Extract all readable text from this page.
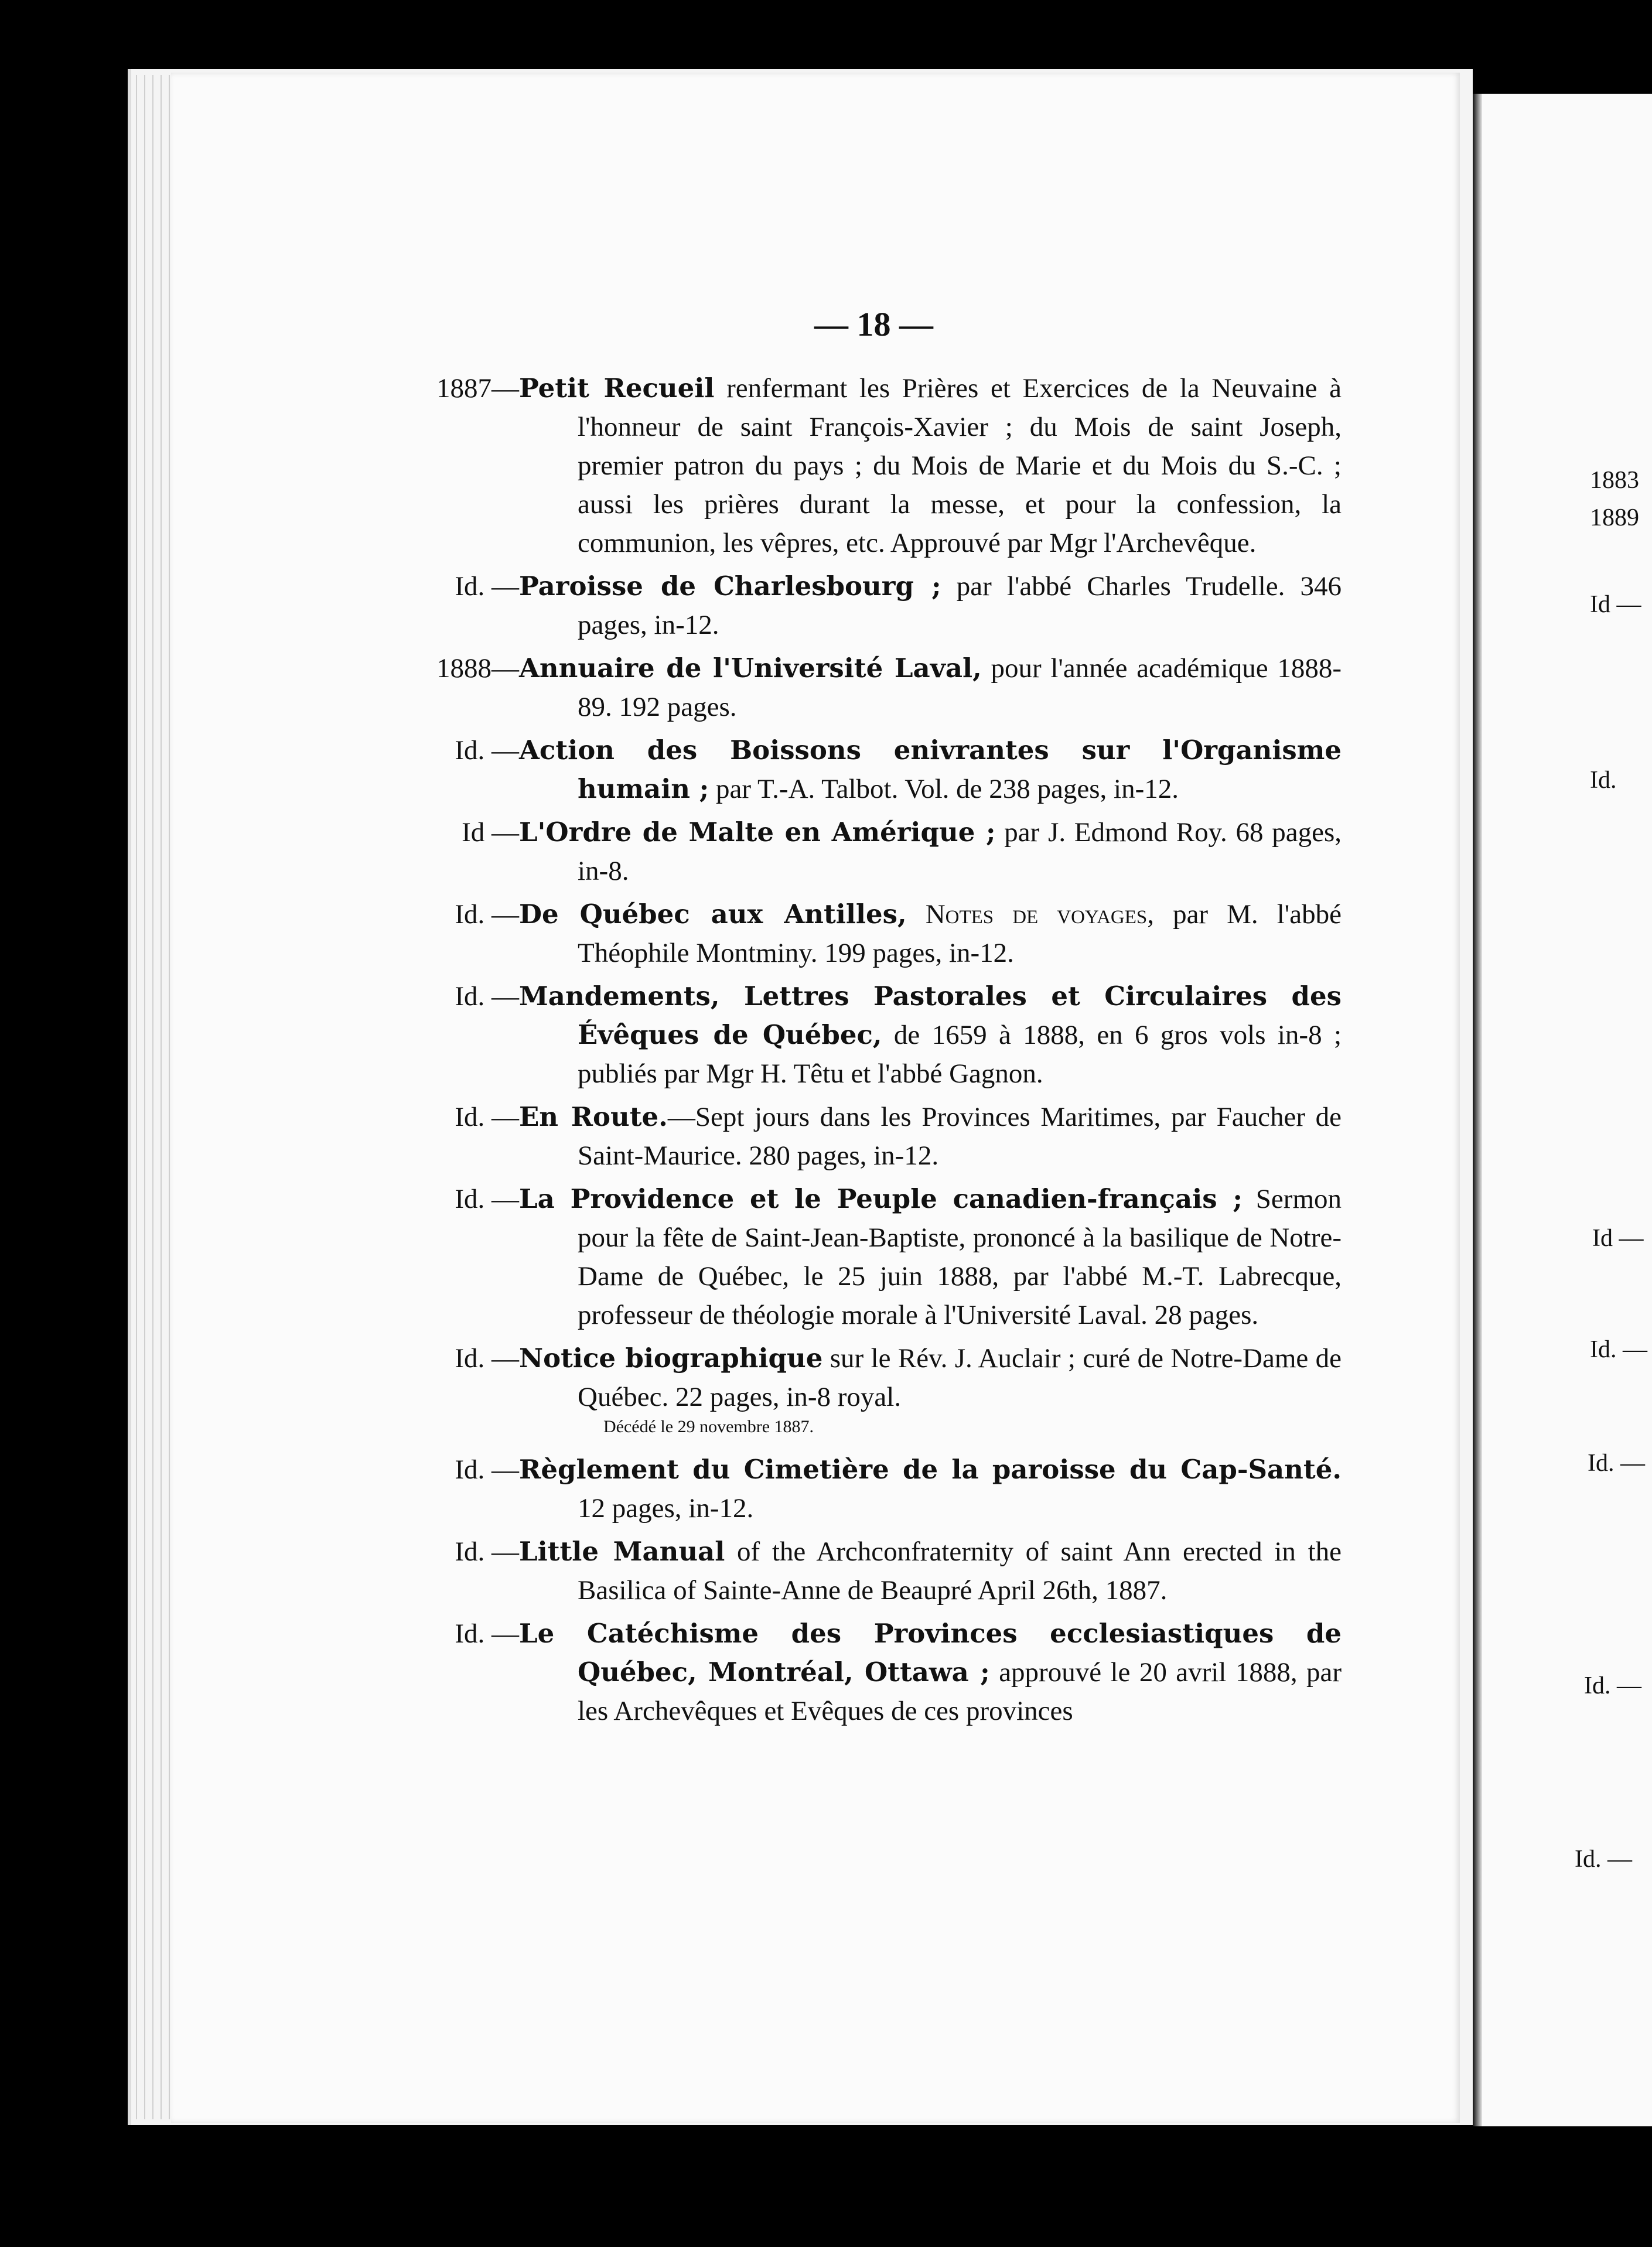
1883
1889
Id —
Id.
Id —
Id. —
Id. —
Id. —
Id. —
— 18 —
1887— Petit Recueil renfermant les Prières et Exercices de la Neuvaine à l'honneur de saint François-Xavier ; du Mois de saint Joseph, premier patron du pays ; du Mois de Marie et du Mois du S.-C. ; aussi les prières durant la messe, et pour la confession, la communion, les vêpres, etc. Approuvé par Mgr l'Archevêque.
Id. — Paroisse de Charlesbourg ; par l'abbé Charles Trudelle. 346 pages, in-12.
1888— Annuaire de l'Université Laval, pour l'année académique 1888-89. 192 pages.
Id. — Action des Boissons enivrantes sur l'Organisme humain ; par T.-A. Talbot. Vol. de 238 pages, in-12.
Id — L'Ordre de Malte en Amérique ; par J. Edmond Roy. 68 pages, in-8.
Id. — De Québec aux Antilles, Notes de voyages, par M. l'abbé Théophile Montminy. 199 pages, in-12.
Id. — Mandements, Lettres Pastorales et Circulaires des Évêques de Québec, de 1659 à 1888, en 6 gros vols in-8 ; publiés par Mgr H. Têtu et l'abbé Gagnon.
Id. — En Route.—Sept jours dans les Provinces Maritimes, par Faucher de Saint-Maurice. 280 pages, in-12.
Id. — La Providence et le Peuple canadien-français ; Sermon pour la fête de Saint-Jean-Baptiste, prononcé à la basilique de Notre-Dame de Québec, le 25 juin 1888, par l'abbé M.-T. Labrecque, professeur de théologie morale à l'Université Laval. 28 pages.
Id. — Notice biographique sur le Rév. J. Auclair ; curé de Notre-Dame de Québec. 22 pages, in-8 royal.
Décédé le 29 novembre 1887.
Id. — Règlement du Cimetière de la paroisse du Cap-Santé. 12 pages, in-12.
Id. — Little Manual of the Archconfraternity of saint Ann erected in the Basilica of Sainte-Anne de Beaupré April 26th, 1887.
Id. — Le Catéchisme des Provinces ecclesiastiques de Québec, Montréal, Ottawa ; approuvé le 20 avril 1888, par les Archevêques et Evêques de ces provinces
